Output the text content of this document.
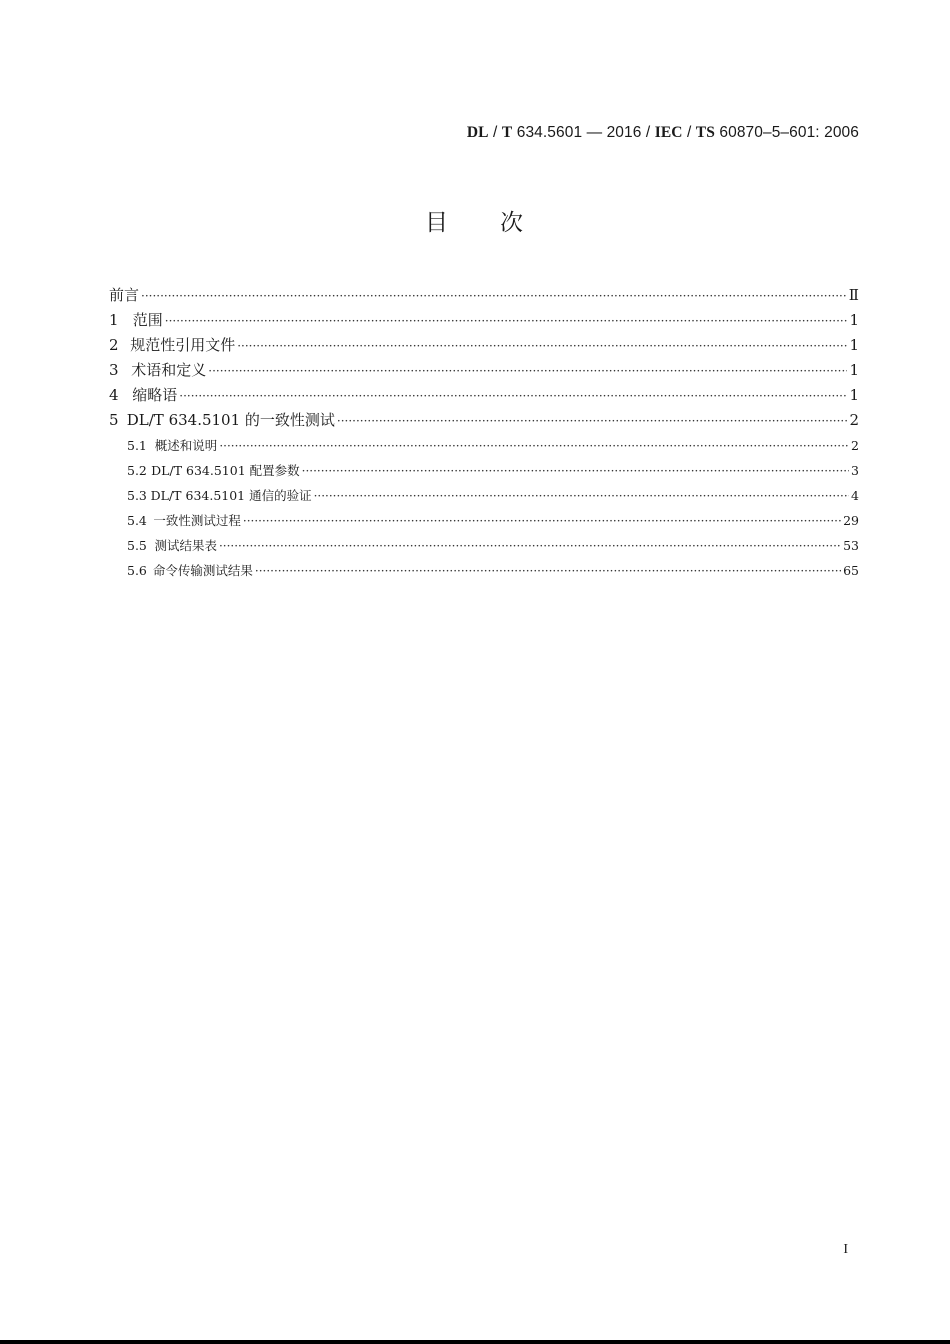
DL / T 634.5601 — 2016 / IEC / TS 60870–5–601: 2006
目 次
前言 ·····	Ⅱ
1 范围 ·····	1
2 规范性引用文件 ·····	1
3 术语和定义 ·····	1
4 缩略语 ·····	1
5 DL/T 634.5101 的一致性测试 ·····	2
5.1 概述和说明 ·····	2
5.2 DL/T 634.5101 配置参数 ·····	3
5.3 DL/T 634.5101 通信的验证 ·····	4
5.4 一致性测试过程 ·····	29
5.5 测试结果表 ·····	53
5.6 命令传输测试结果 ·····	65
I
